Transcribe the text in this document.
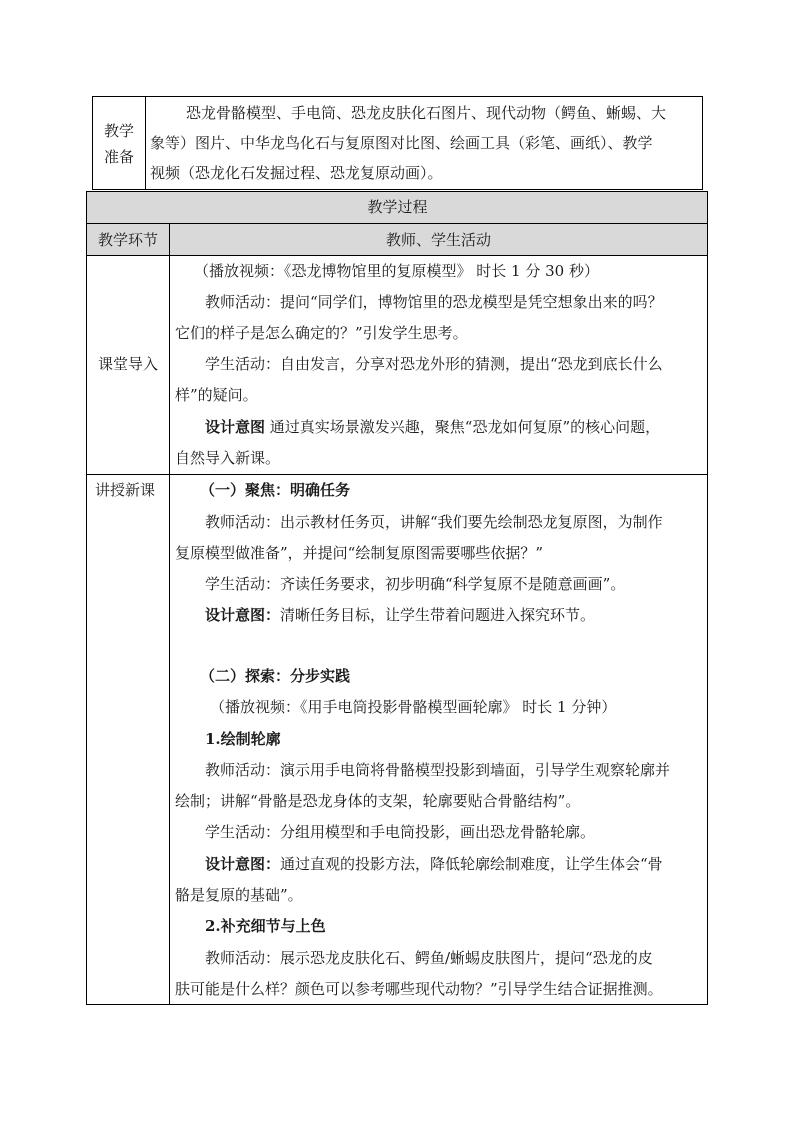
教学
准备
恐龙骨骼模型、手电筒、恐龙皮肤化石图片、现代动物（鳄鱼、蜥蜴、大
象等）图片、中华龙鸟化石与复原图对比图、绘画工具（彩笔、画纸）、教学
视频（恐龙化石发掘过程、恐龙复原动画）。
教学过程
教学环节	教师、学生活动
课堂导入
（播放视频：《恐龙博物馆里的复原模型》 时长 1 分 30 秒）
教师活动：提问“同学们，博物馆里的恐龙模型是凭空想象出来的吗？
它们的样子是怎么确定的？”引发学生思考。
学生活动：自由发言，分享对恐龙外形的猜测，提出“恐龙到底长什么
样”的疑问。
设计意图 通过真实场景激发兴趣，聚焦“恐龙如何复原”的核心问题，
自然导入新课。
讲授新课	（一）聚焦：明确任务
教师活动：出示教材任务页，讲解“我们要先绘制恐龙复原图，为制作
复原模型做准备”，并提问“绘制复原图需要哪些依据？”
学生活动：齐读任务要求，初步明确“科学复原不是随意画画”。
设计意图：清晰任务目标，让学生带着问题进入探究环节。
（二）探索：分步实践
（播放视频：《用手电筒投影骨骼模型画轮廓》 时长 1 分钟）
1.绘制轮廓
教师活动：演示用手电筒将骨骼模型投影到墙面，引导学生观察轮廓并
绘制；讲解“骨骼是恐龙身体的支架，轮廓要贴合骨骼结构”。
学生活动：分组用模型和手电筒投影，画出恐龙骨骼轮廓。
设计意图：通过直观的投影方法，降低轮廓绘制难度，让学生体会“骨
骼是复原的基础”。
2.补充细节与上色
教师活动：展示恐龙皮肤化石、鳄鱼/蜥蜴皮肤图片，提问“恐龙的皮
肤可能是什么样？颜色可以参考哪些现代动物？”引导学生结合证据推测。
